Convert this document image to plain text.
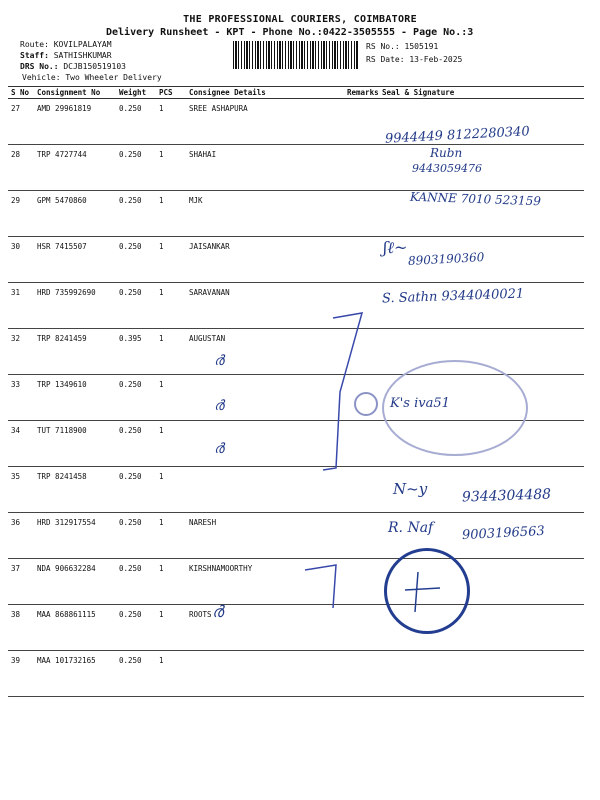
THE PROFESSIONAL COURIERS, COIMBATORE
Delivery Runsheet - KPT - Phone No.:0422-3505555 - Page No.:3
Route: KOVILPALAYAM
Staff: SATHISHKUMAR
DRS No.: DCJB150519103
Vehicle: Two Wheeler Delivery
RS No.: 1505191
RS Date: 13-Feb-2025
S No	Consignment No	Weight	PCS	Consignee Details	Remarks	Seal & Signature
27	AMD 29961819	0.250	1	SREE ASHAPURA		
28	TRP 4727744	0.250	1	SHAHAI		
29	GPM 5470860	0.250	1	MJK		
30	HSR 7415507	0.250	1	JAISANKAR		
31	HRD 735992690	0.250	1	SARAVANAN		
32	TRP 8241459	0.395	1	AUGUSTAN		
33	TRP 1349610	0.250	1			
34	TUT 7118900	0.250	1			
35	TRP 8241458	0.250	1			
36	HRD 312917554	0.250	1	NARESH		
37	NDA 906632284	0.250	1	KIRSHNAMOORTHY		
38	MAA 868861115	0.250	1	ROOTS		
39	MAA 101732165	0.250	1			
9944449 8122280340
Rubn
9443059476
KANNE 7010 523159
ʃℓ~
8903190360
S. Sathn 9344040021
ർ
ർ
ർ
ർ
K's iva51
N~y 9344304488
R. Naf 9003196563
